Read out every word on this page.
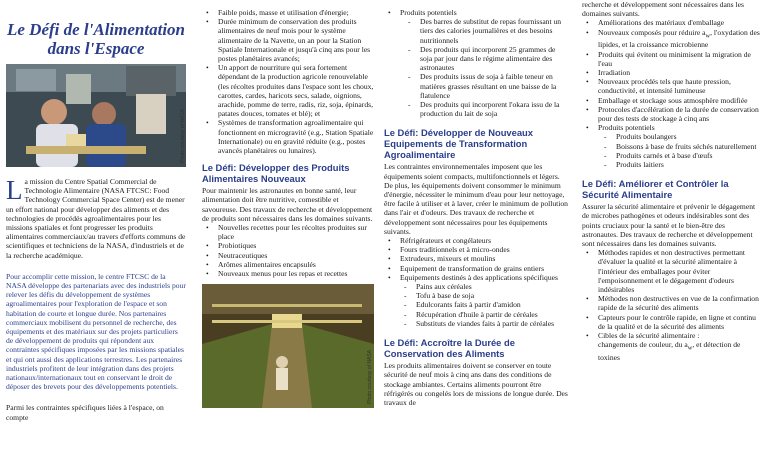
Le Défi de l'Alimentation
dans l'Espace
Photo courtesy of NASA
La mission du Centre Spatial Commercial de Technologie Alimentaire (NASA FTCSC: Food Technology Commercial Space Center) est de mener un effort national pour développer des aliments et des technologies de procédés agroalimentaires pour les missions spatiales et font progresser les produits alimentaires commerciaux/au travers d'efforts communs de scientifiques et techniciens de la NASA, d'industriels et de la recherche académique.
Pour accomplir cette mission, le centre FTCSC de la NASA développe des partenariats avec des industriels pour relever les défis du développement de systèmes agroalimentaires pour l'exploration de l'espace et son habitation de courte et longue durée. Nos partenaires commerciaux mobilisent du personnel de recherche, des équipements et des matériaux sur des projets particuliers de développement de produits qui répondent aux contraintes spécifiques imposées par les missions spatiales et qui ont aussi des applications terrestres. Les partenaires industriels profitent de leur intégration dans des projets nationaux/internationaux tout en conservant le droit de déposer des brevets pour des développements potentiels.
Parmi les contraintes spécifiques liées à l'espace, on compte
• Faible poids, masse et utilisation d'énergie;
• Durée minimum de conservation des produits alimentaires de neuf mois pour le système alimentaire de la Navette, un an pour la Station Spatiale Internationale et jusqu'à cinq ans pour les postes planétaires avancés;
• Un apport de nourriture qui sera fortement dépendant de la production agricole renouvelable (les récoltes produites dans l'espace sont les choux, carottes, cardes, haricots secs, salade, oignions, arachide, pomme de terre, radis, riz, soja, épinards, patates douces, tomates et blé); et
• Systèmes de transformation agroalimentaire qui fonctionnent en microgravité (e.g., Station Spatiale Internationale) ou en gravité réduite (e.g., postes avancés planétaires ou lunaires).
Le Défi: Développer des Produits Alimentaires Nouveaux
Pour maintenir les astronautes en bonne santé, leur alimentation doit être nutritive, comestible et savoureuse. Des travaux de recherche et développement de produits sont nécessaires dans les domaines suivants.
• Nouvelles recettes pour les récoltes produites sur place
• Probiotiques
• Neutraceutiques
• Arômes alimentaires encapsulés
• Nouveaux menus pour les repas et recettes
Photo courtesy of NASA
• Produits potentiels
- Des barres de substitut de repas fournissant un tiers des calories journalières et des besoins nutritionnels
- Des produits qui incorporent 25 grammes de soja par jour dans le régime alimentaire des astronautes
- Des produits issus de soja à faible teneur en matières grasses résultant en une baisse de la flatulence
- Des produits qui incorporent l'okara issu de la production du lait de soja
Le Défi: Développer de Nouveaux Equipements de Transformation Agroalimentaire
Les contraintes environnementales imposent que les équipements soient compacts, multifonctionnels et légers. De plus, les équipements doivent consommer le minimum d'énergie, nécessiter le minimum d'eau pour leur nettoyage, être facile à utiliser et à laver, créer le minimum de pollution dans l'air et d'odeurs. Des travaux de recherche et développement sont nécessaires pour les équipements suivants.
• Réfrigérateurs et congélateurs
• Fours traditionnels et à micro-ondes
• Extrudeurs, mixeurs et moulins
• Equipement de transformation de grains entiers
• Equipements destinés à des applications spécifiques
- Pains aux céréales
- Tofu à base de soja
- Edulcorants faits à partir d'amidon
- Récupération d'huile à partir de céréales
- Substituts de viandes faits à partir de céréales
Le Défi: Accroître la Durée de Conservation des Aliments
Les produits alimentaires doivent se conserver en toute sécurité de neuf mois à cinq ans dans des conditions de stockage ambiantes. Certains aliments pourront être réfrigérés ou congelés lors de missions de longue durée. Des travaux de
recherche et développement sont nécessaires dans les domaines suivants.
• Améliorations des matériaux d'emballage
• Nouveaux composés pour réduire $a_w$, l'oxydation des lipides, et la croissance microbienne
• Produits qui évitent ou minimisent la migration de l'eau
• Irradiation
• Nouveaux procédés tels que haute pression, conductivité, et intensité lumineuse
• Emballage et stockage sous atmosphère modifiée
• Protocoles d'accélération de la durée de conservation pour des tests de stockage à cinq ans
• Produits potentiels
- Produits boulangers
- Boissons à base de fruits séchés naturellement
- Produits carnés et à base d'œufs
- Produits laitiers
Le Défi: Améliorer et Contrôler la Sécurité Alimentaire
Assurer la sécurité alimentaire et prévenir le dégagement de microbes pathogènes et odeurs indésirables sont des points cruciaux pour la santé et le bien-être des astronautes. Des travaux de recherche et développement sont nécessaires dans les domaines suivants.
• Méthodes rapides et non destructives permettant d'évaluer la qualité et la sécurité alimentaire à l'intérieur des emballages pour éviter l'empoisonnement et le dégagement d'odeurs indésirables
• Méthodes non destructives en vue de la confirmation rapide de la sécurité des aliments
• Capteurs pour le contrôle rapide, en ligne et continu de la qualité et de la sécurité des aliments
• Cibles de la sécurité alimentaire :
changements de couleur, du $a_w$, et détection de toxines
